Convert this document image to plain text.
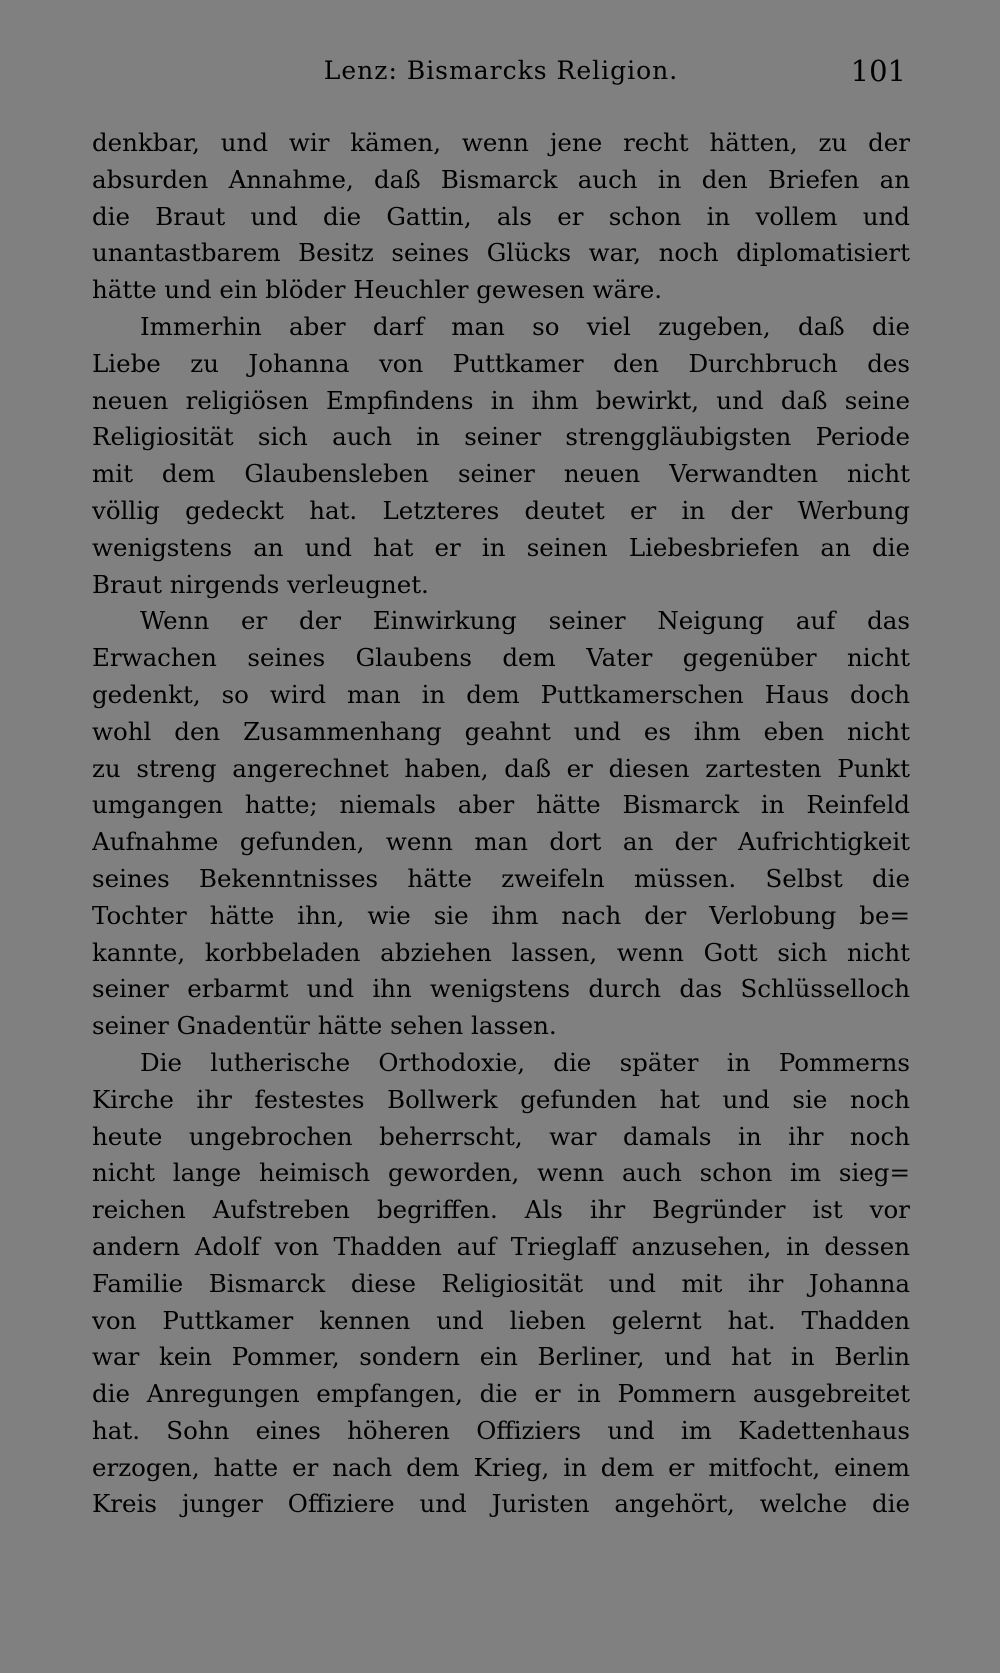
Lenz: Bismarcks Religion.	101
denkbar, und wir kämen, wenn jene recht hätten, zu der
absurden Annahme, daß Bismarck auch in den Briefen an
die Braut und die Gattin, als er schon in vollem und
unantastbarem Besitz seines Glücks war, noch diplomatisiert
hätte und ein blöder Heuchler gewesen wäre.
Immerhin aber darf man so viel zugeben, daß die
Liebe zu Johanna von Puttkamer den Durchbruch des
neuen religiösen Empfindens in ihm bewirkt, und daß seine
Religiosität sich auch in seiner strenggläubigsten Periode
mit dem Glaubensleben seiner neuen Verwandten nicht
völlig gedeckt hat. Letzteres deutet er in der Werbung
wenigstens an und hat er in seinen Liebesbriefen an die
Braut nirgends verleugnet.
Wenn er der Einwirkung seiner Neigung auf das
Erwachen seines Glaubens dem Vater gegenüber nicht
gedenkt, so wird man in dem Puttkamerschen Haus doch
wohl den Zusammenhang geahnt und es ihm eben nicht
zu streng angerechnet haben, daß er diesen zartesten Punkt
umgangen hatte; niemals aber hätte Bismarck in Reinfeld
Aufnahme gefunden, wenn man dort an der Aufrichtigkeit
seines Bekenntnisses hätte zweifeln müssen. Selbst die
Tochter hätte ihn, wie sie ihm nach der Verlobung be=
kannte, korbbeladen abziehen lassen, wenn Gott sich nicht
seiner erbarmt und ihn wenigstens durch das Schlüsselloch
seiner Gnadentür hätte sehen lassen.
Die lutherische Orthodoxie, die später in Pommerns
Kirche ihr festestes Bollwerk gefunden hat und sie noch
heute ungebrochen beherrscht, war damals in ihr noch
nicht lange heimisch geworden, wenn auch schon im sieg=
reichen Aufstreben begriffen. Als ihr Begründer ist vor
andern Adolf von Thadden auf Trieglaff anzusehen, in dessen
Familie Bismarck diese Religiosität und mit ihr Johanna
von Puttkamer kennen und lieben gelernt hat. Thadden
war kein Pommer, sondern ein Berliner, und hat in Berlin
die Anregungen empfangen, die er in Pommern ausgebreitet
hat. Sohn eines höheren Offiziers und im Kadettenhaus
erzogen, hatte er nach dem Krieg, in dem er mitfocht, einem
Kreis junger Offiziere und Juristen angehört, welche die
